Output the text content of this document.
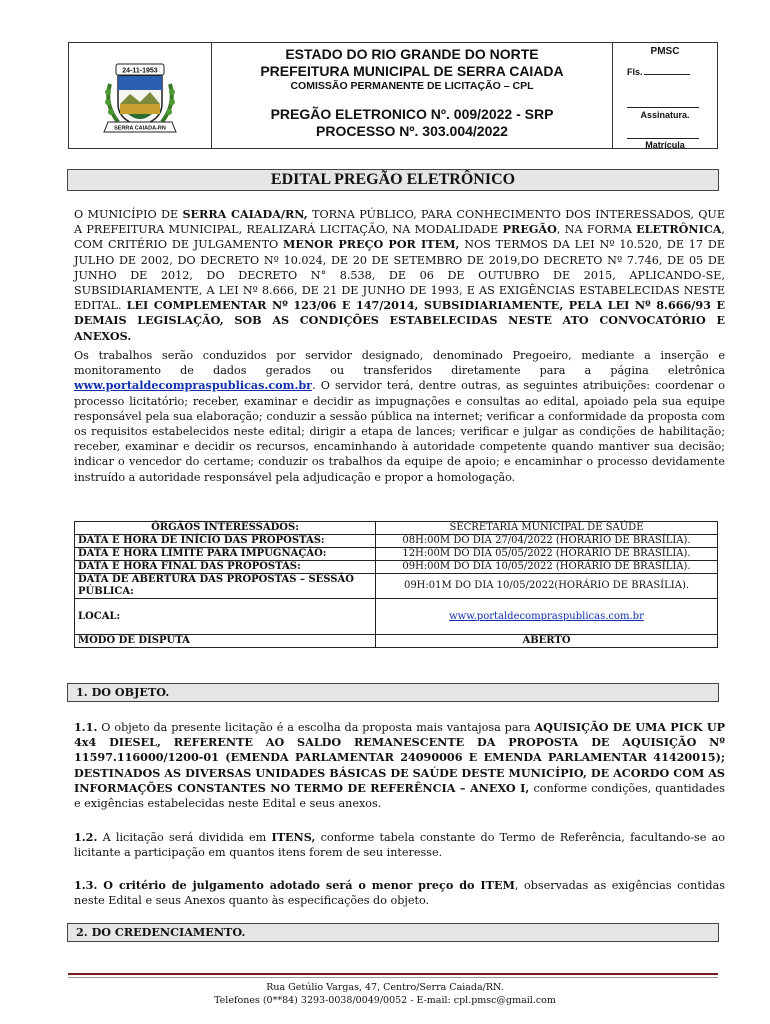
24-11-1953
SERRA CAIADA-RN
ESTADO DO RIO GRANDE DO NORTE
PREFEITURA MUNICIPAL DE SERRA CAIADA
COMISSÃO PERMANENTE DE LICITAÇÃO – CPL
PREGÃO ELETRONICO Nº. 009/2022 - SRP
PROCESSO Nº. 303.004/2022
PMSC
Fls.
Assinatura.
Matrícula
EDITAL PREGÃO ELETRÔNICO
O MUNICÍPIO DE SERRA CAIADA/RN, TORNA PÚBLICO, PARA CONHECIMENTO DOS INTERESSADOS, QUE A PREFEITURA MUNICIPAL, REALIZARÁ LICITAÇÃO, NA MODALIDADE PREGÃO, NA FORMA ELETRÔNICA, COM CRITÉRIO DE JULGAMENTO MENOR PREÇO POR ITEM, NOS TERMOS DA LEI Nº 10.520, DE 17 DE JULHO DE 2002, DO DECRETO Nº 10.024, DE 20 DE SETEMBRO DE 2019,DO DECRETO Nº 7.746, DE 05 DE JUNHO DE 2012, DO DECRETO N° 8.538, DE 06 DE OUTUBRO DE 2015, APLICANDO-SE, SUBSIDIARIAMENTE, A LEI Nº 8.666, DE 21 DE JUNHO DE 1993, E AS EXIGÊNCIAS ESTABELECIDAS NESTE EDITAL. LEI COMPLEMENTAR Nº 123/06 E 147/2014, SUBSIDIARIAMENTE, PELA LEI Nº 8.666/93 E DEMAIS LEGISLAÇÃO, SOB AS CONDIÇÕES ESTABELECIDAS NESTE ATO CONVOCATÓRIO E ANEXOS.
Os trabalhos serão conduzidos por servidor designado, denominado Pregoeiro, mediante a inserção e monitoramento de dados gerados ou transferidos diretamente para a página eletrônica www.portaldecompraspublicas.com.br. O servidor terá, dentre outras, as seguintes atribuições: coordenar o processo licitatório; receber, examinar e decidir as impugnações e consultas ao edital, apoiado pela sua equipe responsável pela sua elaboração; conduzir a sessão pública na internet; verificar a conformidade da proposta com os requisitos estabelecidos neste edital; dirigir a etapa de lances; verificar e julgar as condições de habilitação; receber, examinar e decidir os recursos, encaminhando à autoridade competente quando mantiver sua decisão; indicar o vencedor do certame; conduzir os trabalhos da equipe de apoio; e encaminhar o processo devidamente instruído a autoridade responsável pela adjudicação e propor a homologação.
ÓRGÃOS INTERESSADOS:	SECRETARIA MUNICIPAL DE SAÚDE
DATA E HORA DE INÍCIO DAS PROPOSTAS:	08H:00M DO DIA 27/04/2022 (HORÁRIO DE BRASÍLIA).
DATA E HORA LIMITE PARA IMPUGNAÇÃO:	12H:00M DO DIA 05/05/2022 (HORÁRIO DE BRASÍLIA).
DATA E HORA FINAL DAS PROPOSTAS:	09H:00M DO DIA 10/05/2022 (HORÁRIO DE BRASÍLIA).
DATA DE ABERTURA DAS PROPOSTAS – SESSÃO PÚBLICA:	09H:01M DO DIA 10/05/2022(HORÁRIO DE BRASÍLIA).
LOCAL:	www.portaldecompraspublicas.com.br
MODO DE DISPUTA	ABERTO
1. DO OBJETO.
1.1. O objeto da presente licitação é a escolha da proposta mais vantajosa para AQUISIÇÃO DE UMA PICK UP 4x4 DIESEL, REFERENTE AO SALDO REMANESCENTE DA PROPOSTA DE AQUISIÇÃO Nº 11597.116000/1200-01 (EMENDA PARLAMENTAR 24090006 E EMENDA PARLAMENTAR 41420015); DESTINADOS AS DIVERSAS UNIDADES BÁSICAS DE SAÚDE DESTE MUNICÍPIO, DE ACORDO COM AS INFORMAÇÕES CONSTANTES NO TERMO DE REFERÊNCIA – ANEXO I, conforme condições, quantidades e exigências estabelecidas neste Edital e seus anexos.
1.2. A licitação será dividida em ITENS, conforme tabela constante do Termo de Referência, facultando-se ao licitante a participação em quantos itens forem de seu interesse.
1.3. O critério de julgamento adotado será o menor preço do ITEM, observadas as exigências contidas neste Edital e seus Anexos quanto às especificações do objeto.
2. DO CREDENCIAMENTO.
Rua Getúlio Vargas, 47, Centro/Serra Caiada/RN.
Telefones (0**84) 3293-0038/0049/0052 - E-mail: cpl.pmsc@gmail.com
